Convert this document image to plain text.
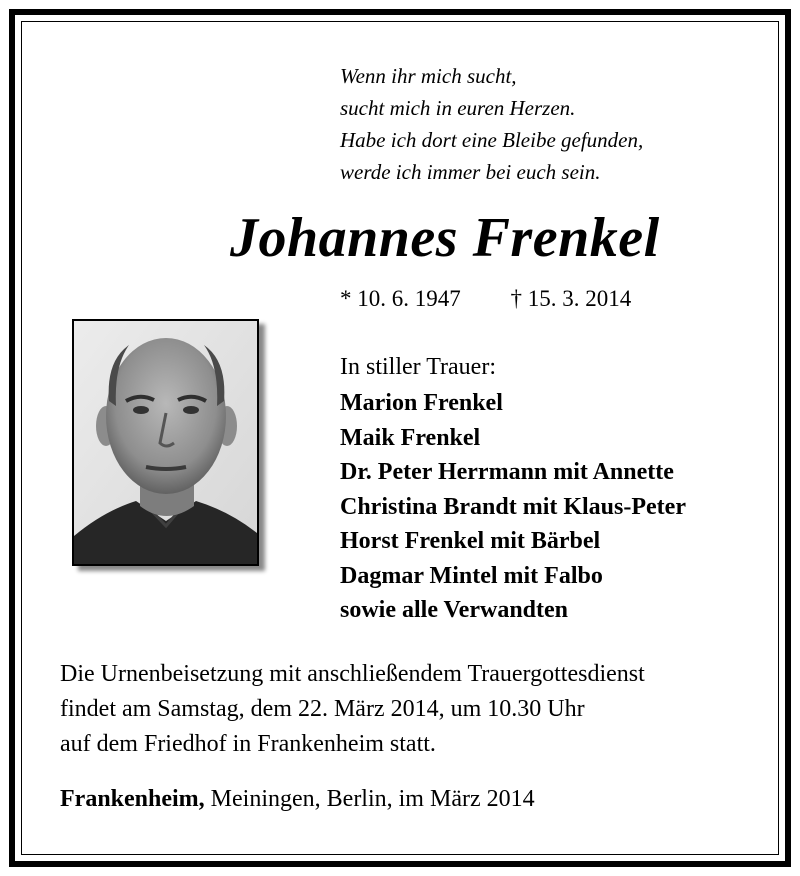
Wenn ihr mich sucht,
sucht mich in euren Herzen.
Habe ich dort eine Bleibe gefunden,
werde ich immer bei euch sein.
Johannes Frenkel
* 10. 6. 1947 † 15. 3. 2014
In stiller Trauer:
Marion Frenkel
Maik Frenkel
Dr. Peter Herrmann mit Annette
Christina Brandt mit Klaus-Peter
Horst Frenkel mit Bärbel
Dagmar Mintel mit Falbo
sowie alle Verwandten
Die Urnenbeisetzung mit anschließendem Trauergottesdienst
findet am Samstag, dem 22. März 2014, um 10.30 Uhr
auf dem Friedhof in Frankenheim statt.
Frankenheim, Meiningen, Berlin, im März 2014
